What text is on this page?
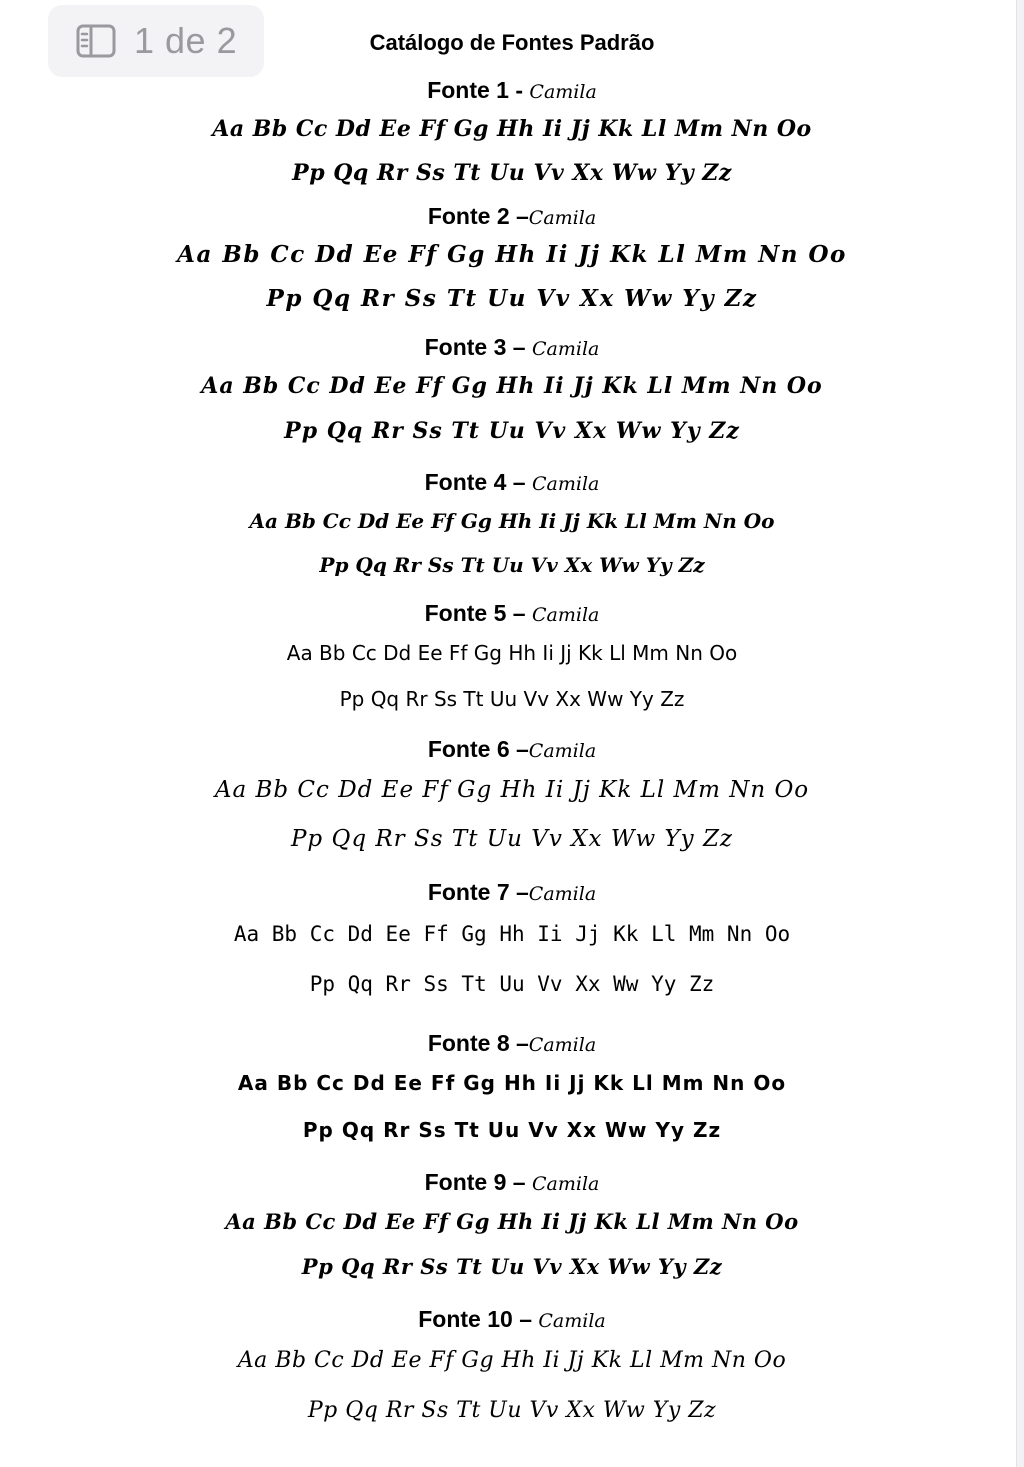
1 de 2	Catálogo de Fontes Padrão
Fonte 1 - Camila
Aa Bb Cc Dd Ee Ff Gg Hh Ii Jj Kk Ll Mm Nn Oo
Pp Qq Rr Ss Tt Uu Vv Xx Ww Yy Zz
Fonte 2 –Camila
Aa Bb Cc Dd Ee Ff Gg Hh Ii Jj Kk Ll Mm Nn Oo
Pp Qq Rr Ss Tt Uu Vv Xx Ww Yy Zz
Fonte 3 – Camila
Aa Bb Cc Dd Ee Ff Gg Hh Ii Jj Kk Ll Mm Nn Oo
Pp Qq Rr Ss Tt Uu Vv Xx Ww Yy Zz
Fonte 4 – Camila
Aa Bb Cc Dd Ee Ff Gg Hh Ii Jj Kk Ll Mm Nn Oo
Pp Qq Rr Ss Tt Uu Vv Xx Ww Yy Zz
Fonte 5 – Camila
Aa Bb Cc Dd Ee Ff Gg Hh Ii Jj Kk Ll Mm Nn Oo
Pp Qq Rr Ss Tt Uu Vv Xx Ww Yy Zz
Fonte 6 –Camila
Aa Bb Cc Dd Ee Ff Gg Hh Ii Jj Kk Ll Mm Nn Oo
Pp Qq Rr Ss Tt Uu Vv Xx Ww Yy Zz
Fonte 7 –Camila
Aa Bb Cc Dd Ee Ff Gg Hh Ii Jj Kk Ll Mm Nn Oo
Pp Qq Rr Ss Tt Uu Vv Xx Ww Yy Zz
Fonte 8 –Camila
Aa Bb Cc Dd Ee Ff Gg Hh Ii Jj Kk Ll Mm Nn Oo
Pp Qq Rr Ss Tt Uu Vv Xx Ww Yy Zz
Fonte 9 – Camila
Aa Bb Cc Dd Ee Ff Gg Hh Ii Jj Kk Ll Mm Nn Oo
Pp Qq Rr Ss Tt Uu Vv Xx Ww Yy Zz
Fonte 10 – Camila
Aa Bb Cc Dd Ee Ff Gg Hh Ii Jj Kk Ll Mm Nn Oo
Pp Qq Rr Ss Tt Uu Vv Xx Ww Yy Zz
